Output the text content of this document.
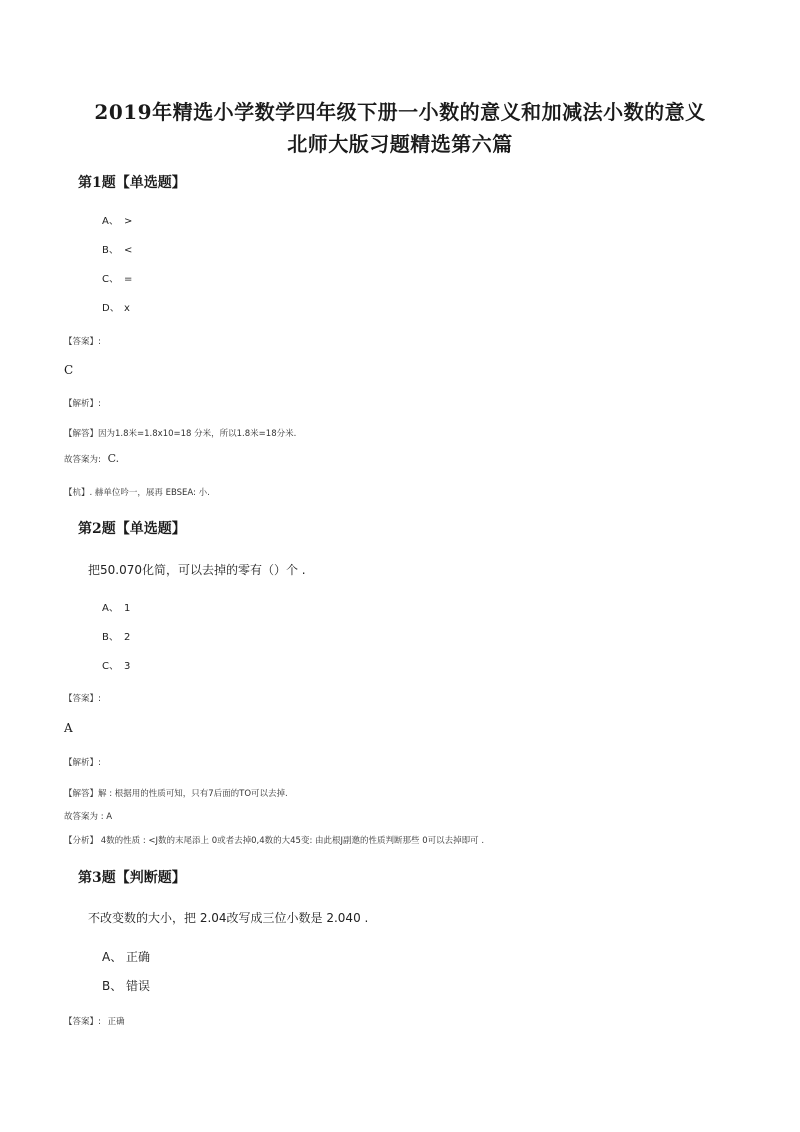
2019年精选小学数学四年级下册一小数的意义和加减法小数的意义
北师大版习题精选第六篇
第1题【单选题】
A、 >
B、 <
C、 =
D、 x
【答案】:
C
【解析】:
【解答】因为1.8米=1.8x10=18 分米，所以1.8米=18分米.
故答案为: C.
【杭】. 赫单位吟一，展再 EBSEA: 小.
第2题【单选题】
把50.070化简，可以去掉的零有（）个 .
A、 1
B、 2
C、 3
【答案】:
A
【解析】:
【解答】解 : 根据用的性质可知，只有7后面的TO可以去掉.
故答案为 : A
【分析】 4数的性质 : <J数的末尾添上 0或者去掉0,4数的大45变: 由此根J副邀的性质判断那些 0可以去掉即可 .
第3题【判断题】
不改变数的大小，把 2.04改写成三位小数是 2.040 .
A、 正确
B、 错误
【答案】: 正确
